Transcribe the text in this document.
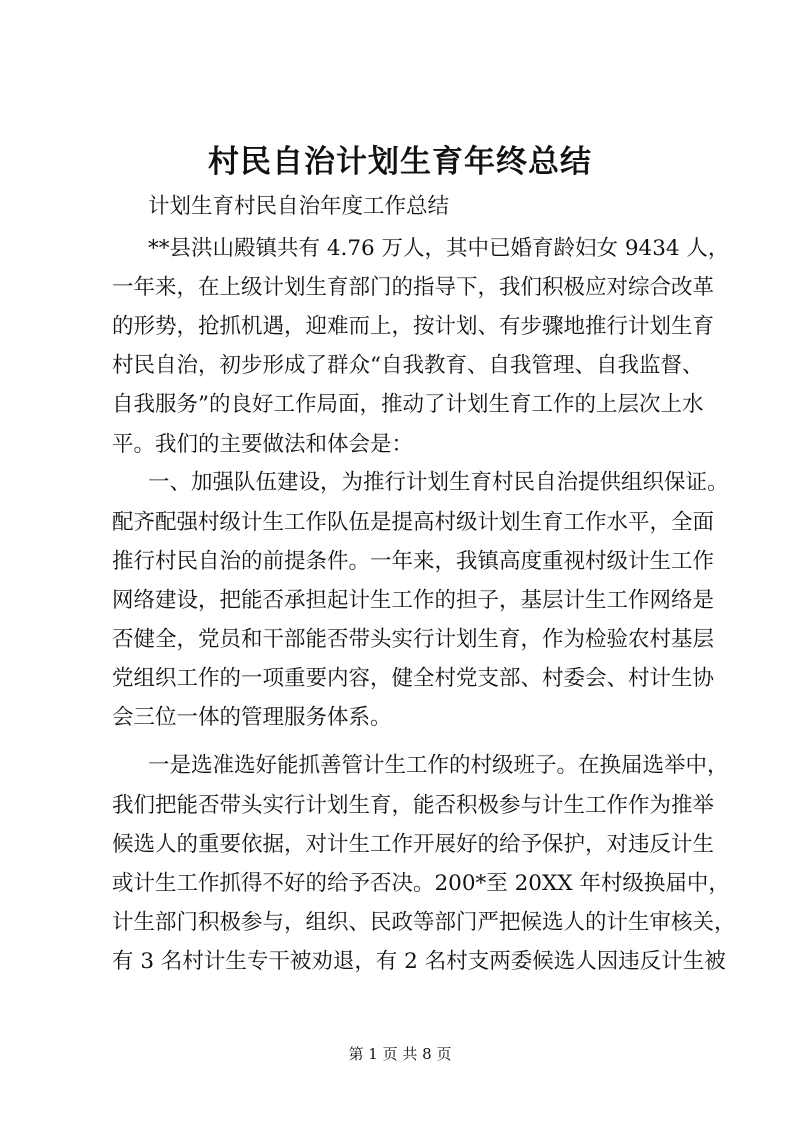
村民自治计划生育年终总结
计划生育村民自治年度工作总结
**县洪山殿镇共有 4.76 万人，其中已婚育龄妇女 9434 人，
一年来，在上级计划生育部门的指导下，我们积极应对综合改革
的形势，抢抓机遇，迎难而上，按计划、有步骤地推行计划生育
村民自治，初步形成了群众“自我教育、自我管理、自我监督、
自我服务”的良好工作局面，推动了计划生育工作的上层次上水
平。我们的主要做法和体会是：
一、加强队伍建设，为推行计划生育村民自治提供组织保证。
配齐配强村级计生工作队伍是提高村级计划生育工作水平，全面
推行村民自治的前提条件。一年来，我镇高度重视村级计生工作
网络建设，把能否承担起计生工作的担子，基层计生工作网络是
否健全，党员和干部能否带头实行计划生育，作为检验农村基层
党组织工作的一项重要内容，健全村党支部、村委会、村计生协
会三位一体的管理服务体系。
一是选准选好能抓善管计生工作的村级班子。在换届选举中，
我们把能否带头实行计划生育，能否积极参与计生工作作为推举
候选人的重要依据，对计生工作开展好的给予保护，对违反计生
或计生工作抓得不好的给予否决。200*至 20XX 年村级换届中，
计生部门积极参与，组织、民政等部门严把候选人的计生审核关，
有 3 名村计生专干被劝退，有 2 名村支两委候选人因违反计生被
第 1 页 共 8 页
